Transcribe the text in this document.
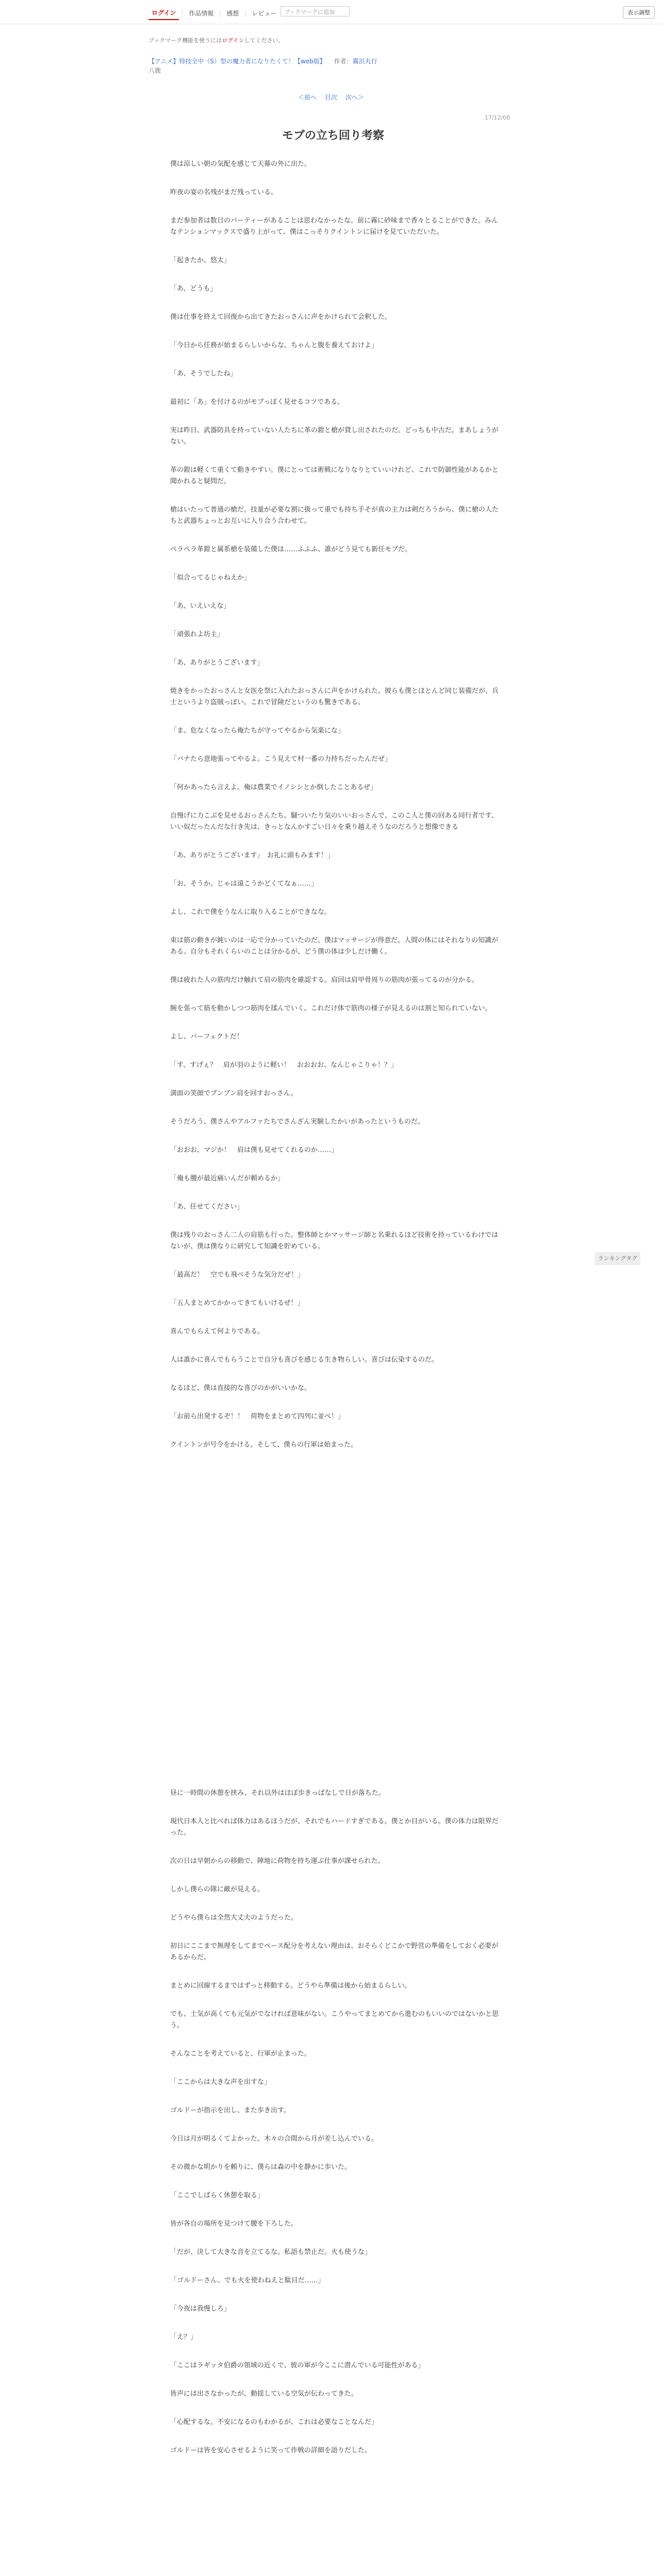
ログイン	作品情報	感想	レビュー	ブックマークに追加	表示調整
ブックマーク機能を使うにはログインしてください。
【アニメ】特技全中（S）型の魔力者になりたくて！【web版】 　 作者：霧浜丸行
八鹿
＜前へ 目次 次へ＞
17/12/08
モブの立ち回り考察

僕は涼しい朝の気配を感じて天幕の外に出た。

昨夜の宴の名残がまだ残っている。

まだ参加者は数日のパーティーがあることは思わなかったな。前に霧に砂味まで香々とることができた。みんなテンションマックスで盛り上がって、僕はこっそりクイントンに届けを見ていただいた。

「起きたか、悠太」

「あ、どうも」

僕は仕事を終えて回復から出てきたおっさんに声をかけられて会釈した。

「今日から任務が始まるらしいからな、ちゃんと腹を養えておけよ」

「あ、そうでしたね」

最初に「あ」を付けるのがモブっぽく見せるコツである。

実は昨日、武器防具を持っていない人たちに革の鎧と槍が貸し出されたのだ。どっちも中古だ。まあしょうがない。

革の鎧は軽くて重くて動きやすい。僕にとっては術戦になりなりとていいけれど、これで防御性能があるかと聞かれると疑問だ。

槍はいたって普通の槍だ。技量が必要な割に扱って重でも持ち手そが真の主力は剣だろうから、僕に槍の人たちと武器ちょっとお互いに入り合う合わせて。

ペラペラ革鎧と属系槍を装備した僕は……ふふふ、誰がどう見ても新任モブだ。

「似合ってるじゃねえか」

「あ、いえいえな」

「頑張れよ坊主」

「あ、ありがとうございます」

焼きをかったおっさんと女医を祭に入れたおっさんに声をかけられた。彼らも僕とほとんど同じ装備だが、兵士というより盗賊っぽい。これで冒険だというのも驚きである。

「ま、危なくなったら俺たちが守ってやるから気楽にな」

「バナたら意地張ってやるよ。こう見えて村一番の力持ちだったんだぜ」

「何かあったら言えよ。俺は農業でイノシシとか倒したことあるぜ」

自慢げに力こぶを見せるおっさんたち。騒ついたり気のいいおっさんで、このこ人と僕の回ある同行者です、いい奴だったんだな行き先は、きっとなんかすごい日々を乗り越えそうなのだろうと想像できる

「あ、ありがとうございます」　お礼に頭もみます！」

「お、そうか。じゃは遠こうかどくてなぁ……」

よし、これで僕をうなんに取り入ることができなな。

束は筋の動きが鈍いのは一応で分かっていたのだ。僕はマッサージが得意だ。人間の体にはそれなりの知識がある。自分もそれくらいのことは分かるが、どう僕の体は少しだけ働く。

僕は疲れた人の筋肉だけ触れて肩の筋肉を確認する。肩回は肩甲骨周りの筋肉が張ってるのが分かる。

腕を張って筋を動かしつつ筋肉を揉んでいく。これだけ体で筋肉の様子が見えるのは割と知られていない。

よし、パーフェクトだ！

「す、すげぇ？　肩が羽のように軽い！　おおおお、なんじゃこりゃ！？」

満面の笑顔でブンブン肩を回すおっさん。

そうだろう、僕さんやアルファたちでさんざん実験したかいがあったというものだ。

「おおお、マジか！　肩は僕も見せてくれるのか……」

「俺も腰が最近痛いんだが頼めるか」

「あ、任せてください」

僕は残りのおっさん二人の肩筋も行った。整体師とかマッサージ師と名乗れるほど技術を持っているわけではないが、僕は僕なりに研究して知識を貯めている。

「最高だ！　空でも飛べそうな気分だぜ！」

「五人まとめてかかってきてもいけるぜ！」

喜んでもらえて何よりである。

人は誰かに喜んでもらうことで自分も喜びを感じる生き物らしい。喜びは伝染するのだ。

なるほど、僕は直接的な喜びのかがいいかな。

「お前ら出発するぞ！！　荷物をまとめて四列に並べ！」

クイントンが号令をかける。そして、僕らの行軍は始まった。

昼に一時間の休憩を挟み、それ以外はほぼ歩きっぱなしで日が落ちた。

現代日本人と比べれば体力はあるほうだが、それでもハードすぎである。僕とか目がいる。僕の体力は限界だった。

次の日は早朝からの移動で、陣地に荷物を持ち運ぶ仕事が課せられた。

しかし僕らの隊に敵が見える。

どうやら僕らは全然大丈夫のようだった。

初日にここまで無理をしてまでペース配分を考えない理由は、おそらくどこかで野営の準備をしておく必要があるからだ。

まとめに回線するまではずっと移動する。どうやら準備は後から始まるらしい。

でも、士気が高くても元気がでなければ意味がない。こうやってまとめてから進むのもいいのではないかと思う。

そんなことを考えていると、行軍が止まった。

「ここからは大きな声を出すな」

ゴルドーが指示を出し、また歩き出す。

今日は月が明るくてよかった。木々の合間から月が差し込んでいる。

その微かな明かりを頼りに、僕らは森の中を静かに歩いた。

「ここでしばらく休憩を取る」

皆が各自の場所を見つけて腰を下ろした。

「だが、決して大きな音を立てるな。私語も禁止だ。火も使うな」

「ゴルドーさん、でも火を使わねえと駄目だ……」

「今夜は我慢しろ」

「え？」

「ここはラギッタ伯爵の領域の近くで、彼の軍が今ここに潜んでいる可能性がある」

皆声には出さなかったが、動揺している空気が伝わってきた。

「心配するな。不安になるのもわかるが、これは必要なことなんだ」

ゴルドーは皆を安心させるように笑って作戦の詳細を語りだした。

ランキングタグ
